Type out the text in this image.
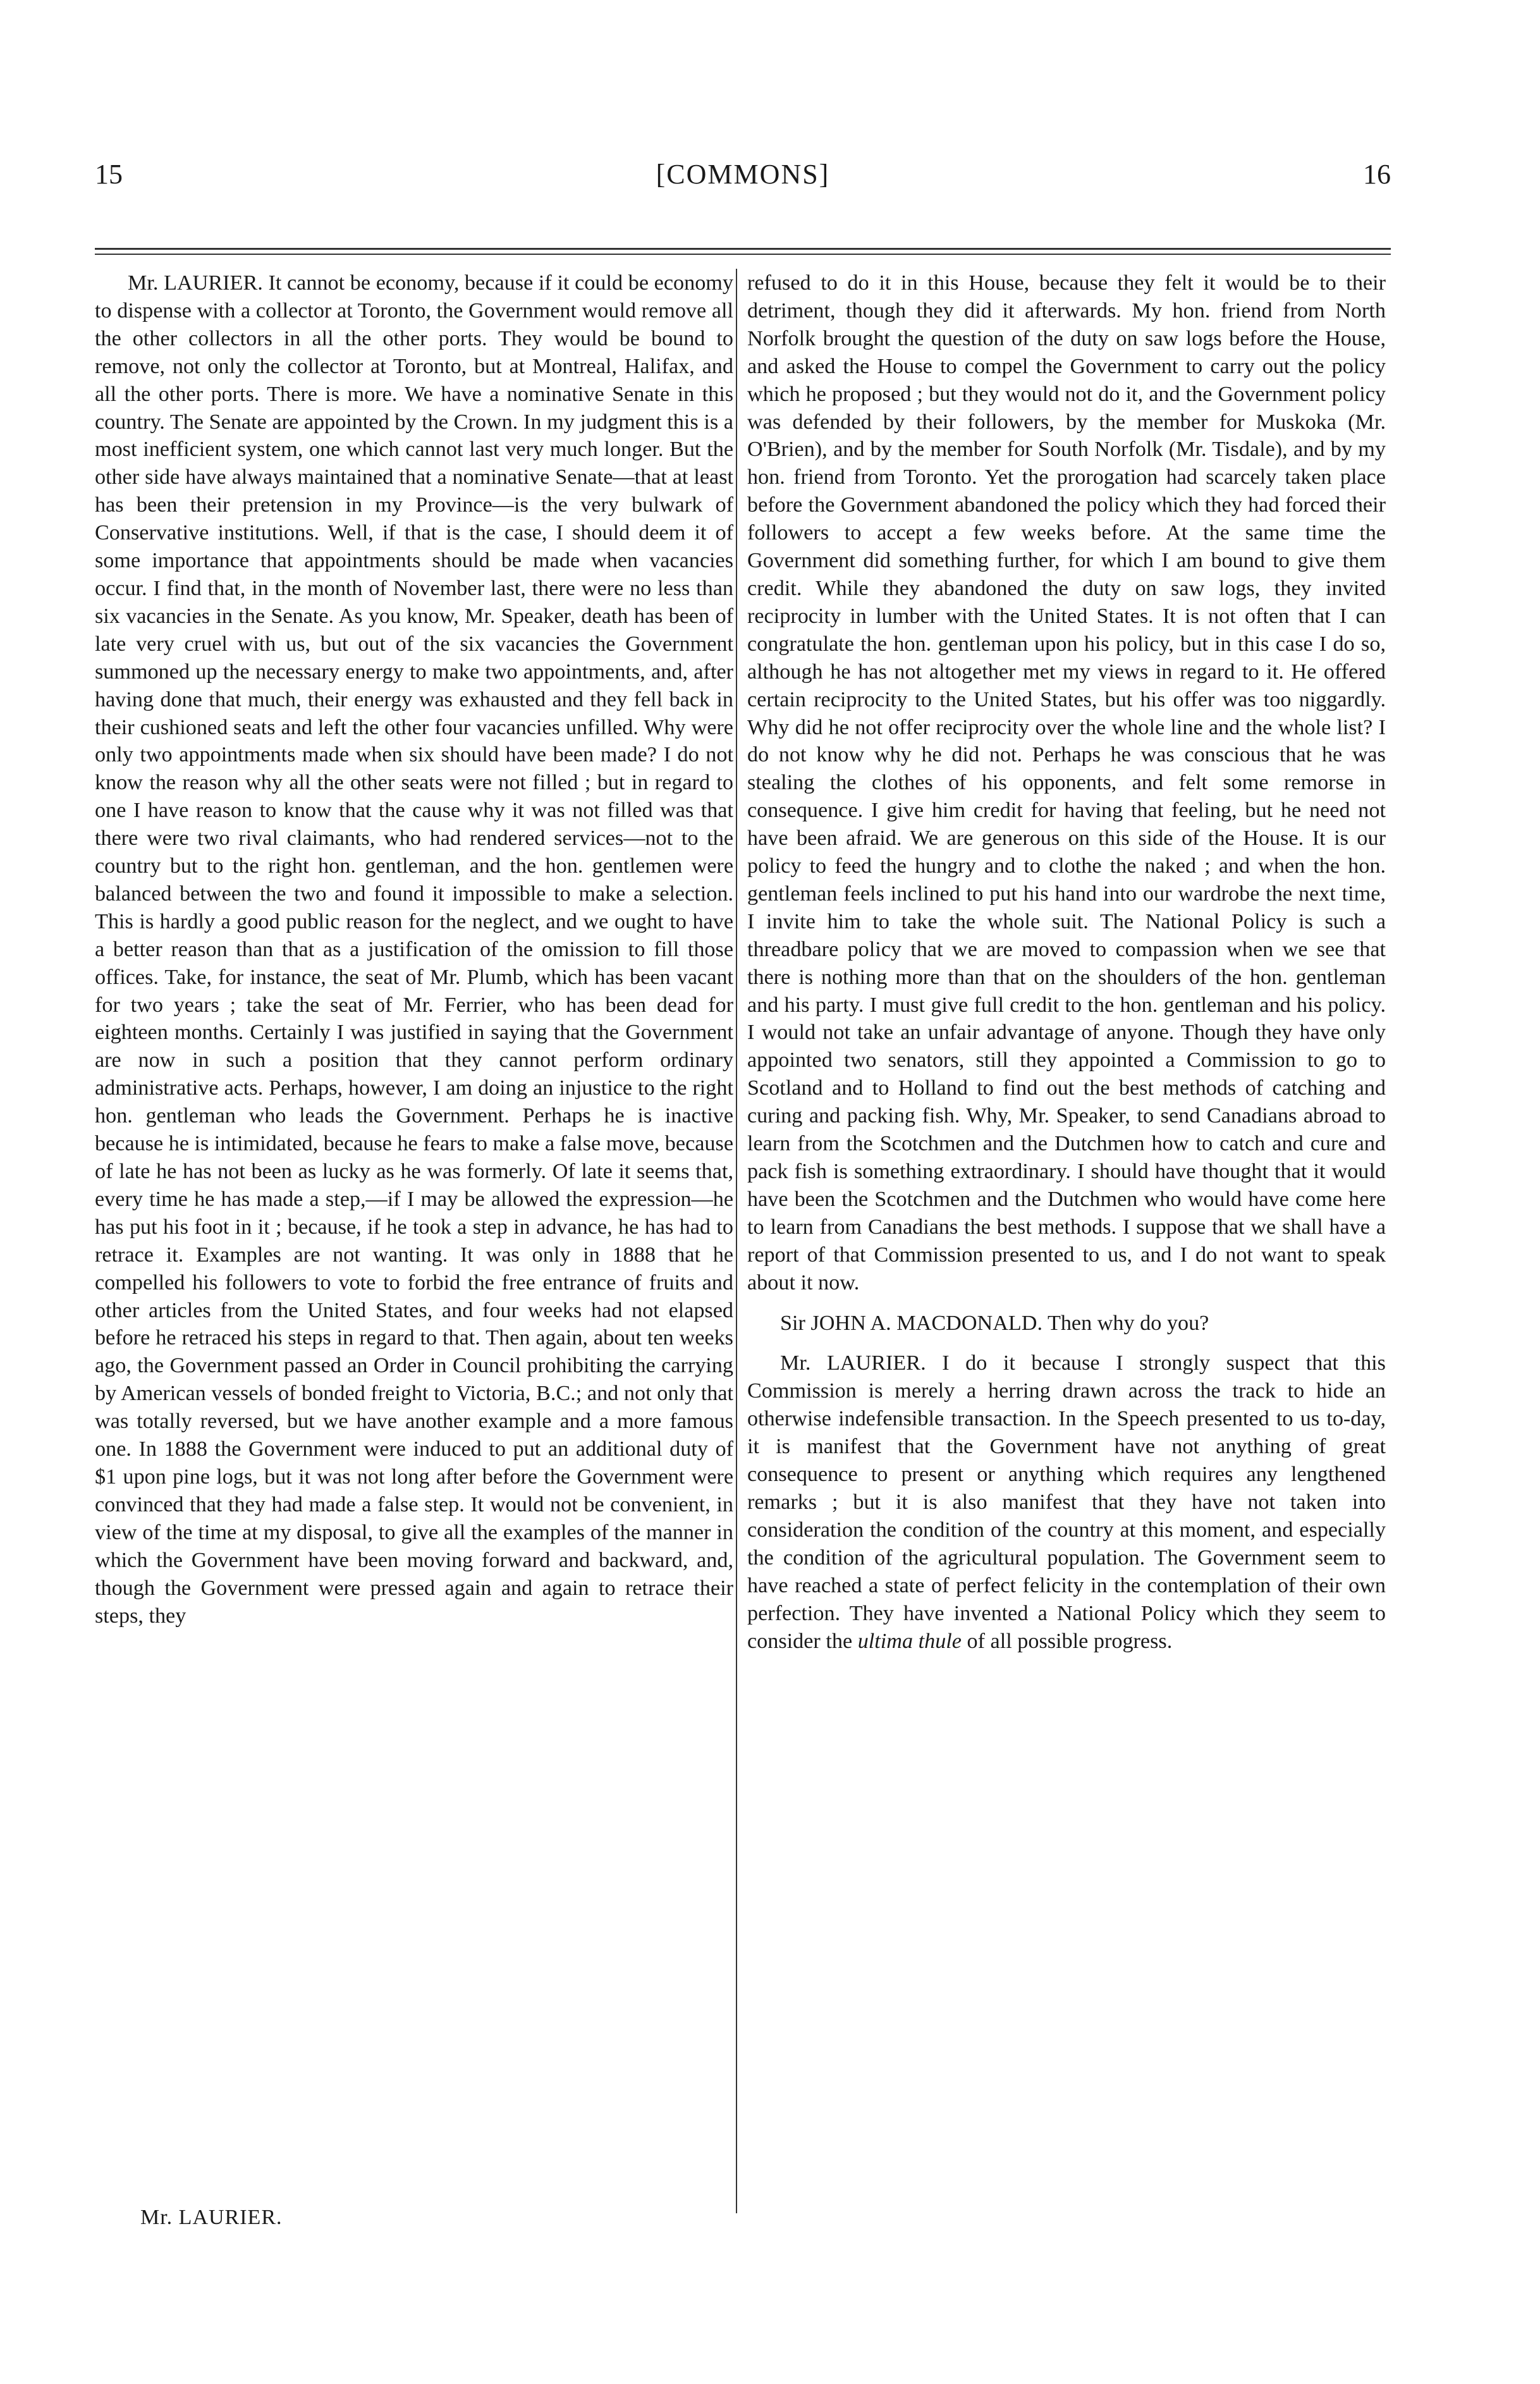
15	[COMMONS]	16

Mr. LAURIER. It cannot be economy, because if it could be economy to dispense with a collector at Toronto, the Government would remove all the other collectors in all the other ports. They would be bound to remove, not only the collector at Toronto, but at Montreal, Halifax, and all the other ports. There is more. We have a nominative Senate in this country. The Senate are appointed by the Crown. In my judgment this is a most inefficient system, one which cannot last very much longer. But the other side have always maintained that a nominative Senate—that at least has been their pretension in my Province—is the very bulwark of Conservative institutions. Well, if that is the case, I should deem it of some importance that appointments should be made when vacancies occur. I find that, in the month of November last, there were no less than six vacancies in the Senate. As you know, Mr. Speaker, death has been of late very cruel with us, but out of the six vacancies the Government summoned up the necessary energy to make two appointments, and, after having done that much, their energy was exhausted and they fell back in their cushioned seats and left the other four vacancies unfilled. Why were only two appointments made when six should have been made? I do not know the reason why all the other seats were not filled ; but in regard to one I have reason to know that the cause why it was not filled was that there were two rival claimants, who had rendered services—not to the country but to the right hon. gentleman, and the hon. gentlemen were balanced between the two and found it impossible to make a selection. This is hardly a good public reason for the neglect, and we ought to have a better reason than that as a justification of the omission to fill those offices. Take, for instance, the seat of Mr. Plumb, which has been vacant for two years ; take the seat of Mr. Ferrier, who has been dead for eighteen months. Certainly I was justified in saying that the Government are now in such a position that they cannot perform ordinary administrative acts. Perhaps, however, I am doing an injustice to the right hon. gentleman who leads the Government. Perhaps he is inactive because he is intimidated, because he fears to make a false move, because of late he has not been as lucky as he was formerly. Of late it seems that, every time he has made a step,—if I may be allowed the expression—he has put his foot in it ; because, if he took a step in advance, he has had to retrace it. Examples are not wanting. It was only in 1888 that he compelled his followers to vote to forbid the free entrance of fruits and other articles from the United States, and four weeks had not elapsed before he retraced his steps in regard to that. Then again, about ten weeks ago, the Government passed an Order in Council prohibiting the carrying by American vessels of bonded freight to Victoria, B.C.; and not only that was totally reversed, but we have another example and a more famous one. In 1888 the Government were induced to put an additional duty of $1 upon pine logs, but it was not long after before the Government were convinced that they had made a false step. It would not be convenient, in view of the time at my disposal, to give all the examples of the manner in which the Government have been moving forward and backward, and, though the Government were pressed again and again to retrace their steps, they

refused to do it in this House, because they felt it would be to their detriment, though they did it afterwards. My hon. friend from North Norfolk brought the question of the duty on saw logs before the House, and asked the House to compel the Government to carry out the policy which he proposed ; but they would not do it, and the Government policy was defended by their followers, by the member for Muskoka (Mr. O'Brien), and by the member for South Norfolk (Mr. Tisdale), and by my hon. friend from Toronto. Yet the prorogation had scarcely taken place before the Government abandoned the policy which they had forced their followers to accept a few weeks before. At the same time the Government did something further, for which I am bound to give them credit. While they abandoned the duty on saw logs, they invited reciprocity in lumber with the United States. It is not often that I can congratulate the hon. gentleman upon his policy, but in this case I do so, although he has not altogether met my views in regard to it. He offered certain reciprocity to the United States, but his offer was too niggardly. Why did he not offer reciprocity over the whole line and the whole list? I do not know why he did not. Perhaps he was conscious that he was stealing the clothes of his opponents, and felt some remorse in consequence. I give him credit for having that feeling, but he need not have been afraid. We are generous on this side of the House. It is our policy to feed the hungry and to clothe the naked ; and when the hon. gentleman feels inclined to put his hand into our wardrobe the next time, I invite him to take the whole suit. The National Policy is such a threadbare policy that we are moved to compassion when we see that there is nothing more than that on the shoulders of the hon. gentleman and his party. I must give full credit to the hon. gentleman and his policy. I would not take an unfair advantage of anyone. Though they have only appointed two senators, still they appointed a Commission to go to Scotland and to Holland to find out the best methods of catching and curing and packing fish. Why, Mr. Speaker, to send Canadians abroad to learn from the Scotchmen and the Dutchmen how to catch and cure and pack fish is something extraordinary. I should have thought that it would have been the Scotchmen and the Dutchmen who would have come here to learn from Canadians the best methods. I suppose that we shall have a report of that Commission presented to us, and I do not want to speak about it now.

Sir JOHN A. MACDONALD. Then why do you?

Mr. LAURIER. I do it because I strongly suspect that this Commission is merely a herring drawn across the track to hide an otherwise indefensible transaction. In the Speech presented to us to-day, it is manifest that the Government have not anything of great consequence to present or anything which requires any lengthened remarks ; but it is also manifest that they have not taken into consideration the condition of the country at this moment, and especially the condition of the agricultural population. The Government seem to have reached a state of perfect felicity in the contemplation of their own perfection. They have invented a National Policy which they seem to consider the ultima thule of all possible progress.

Mr. LAURIER.
